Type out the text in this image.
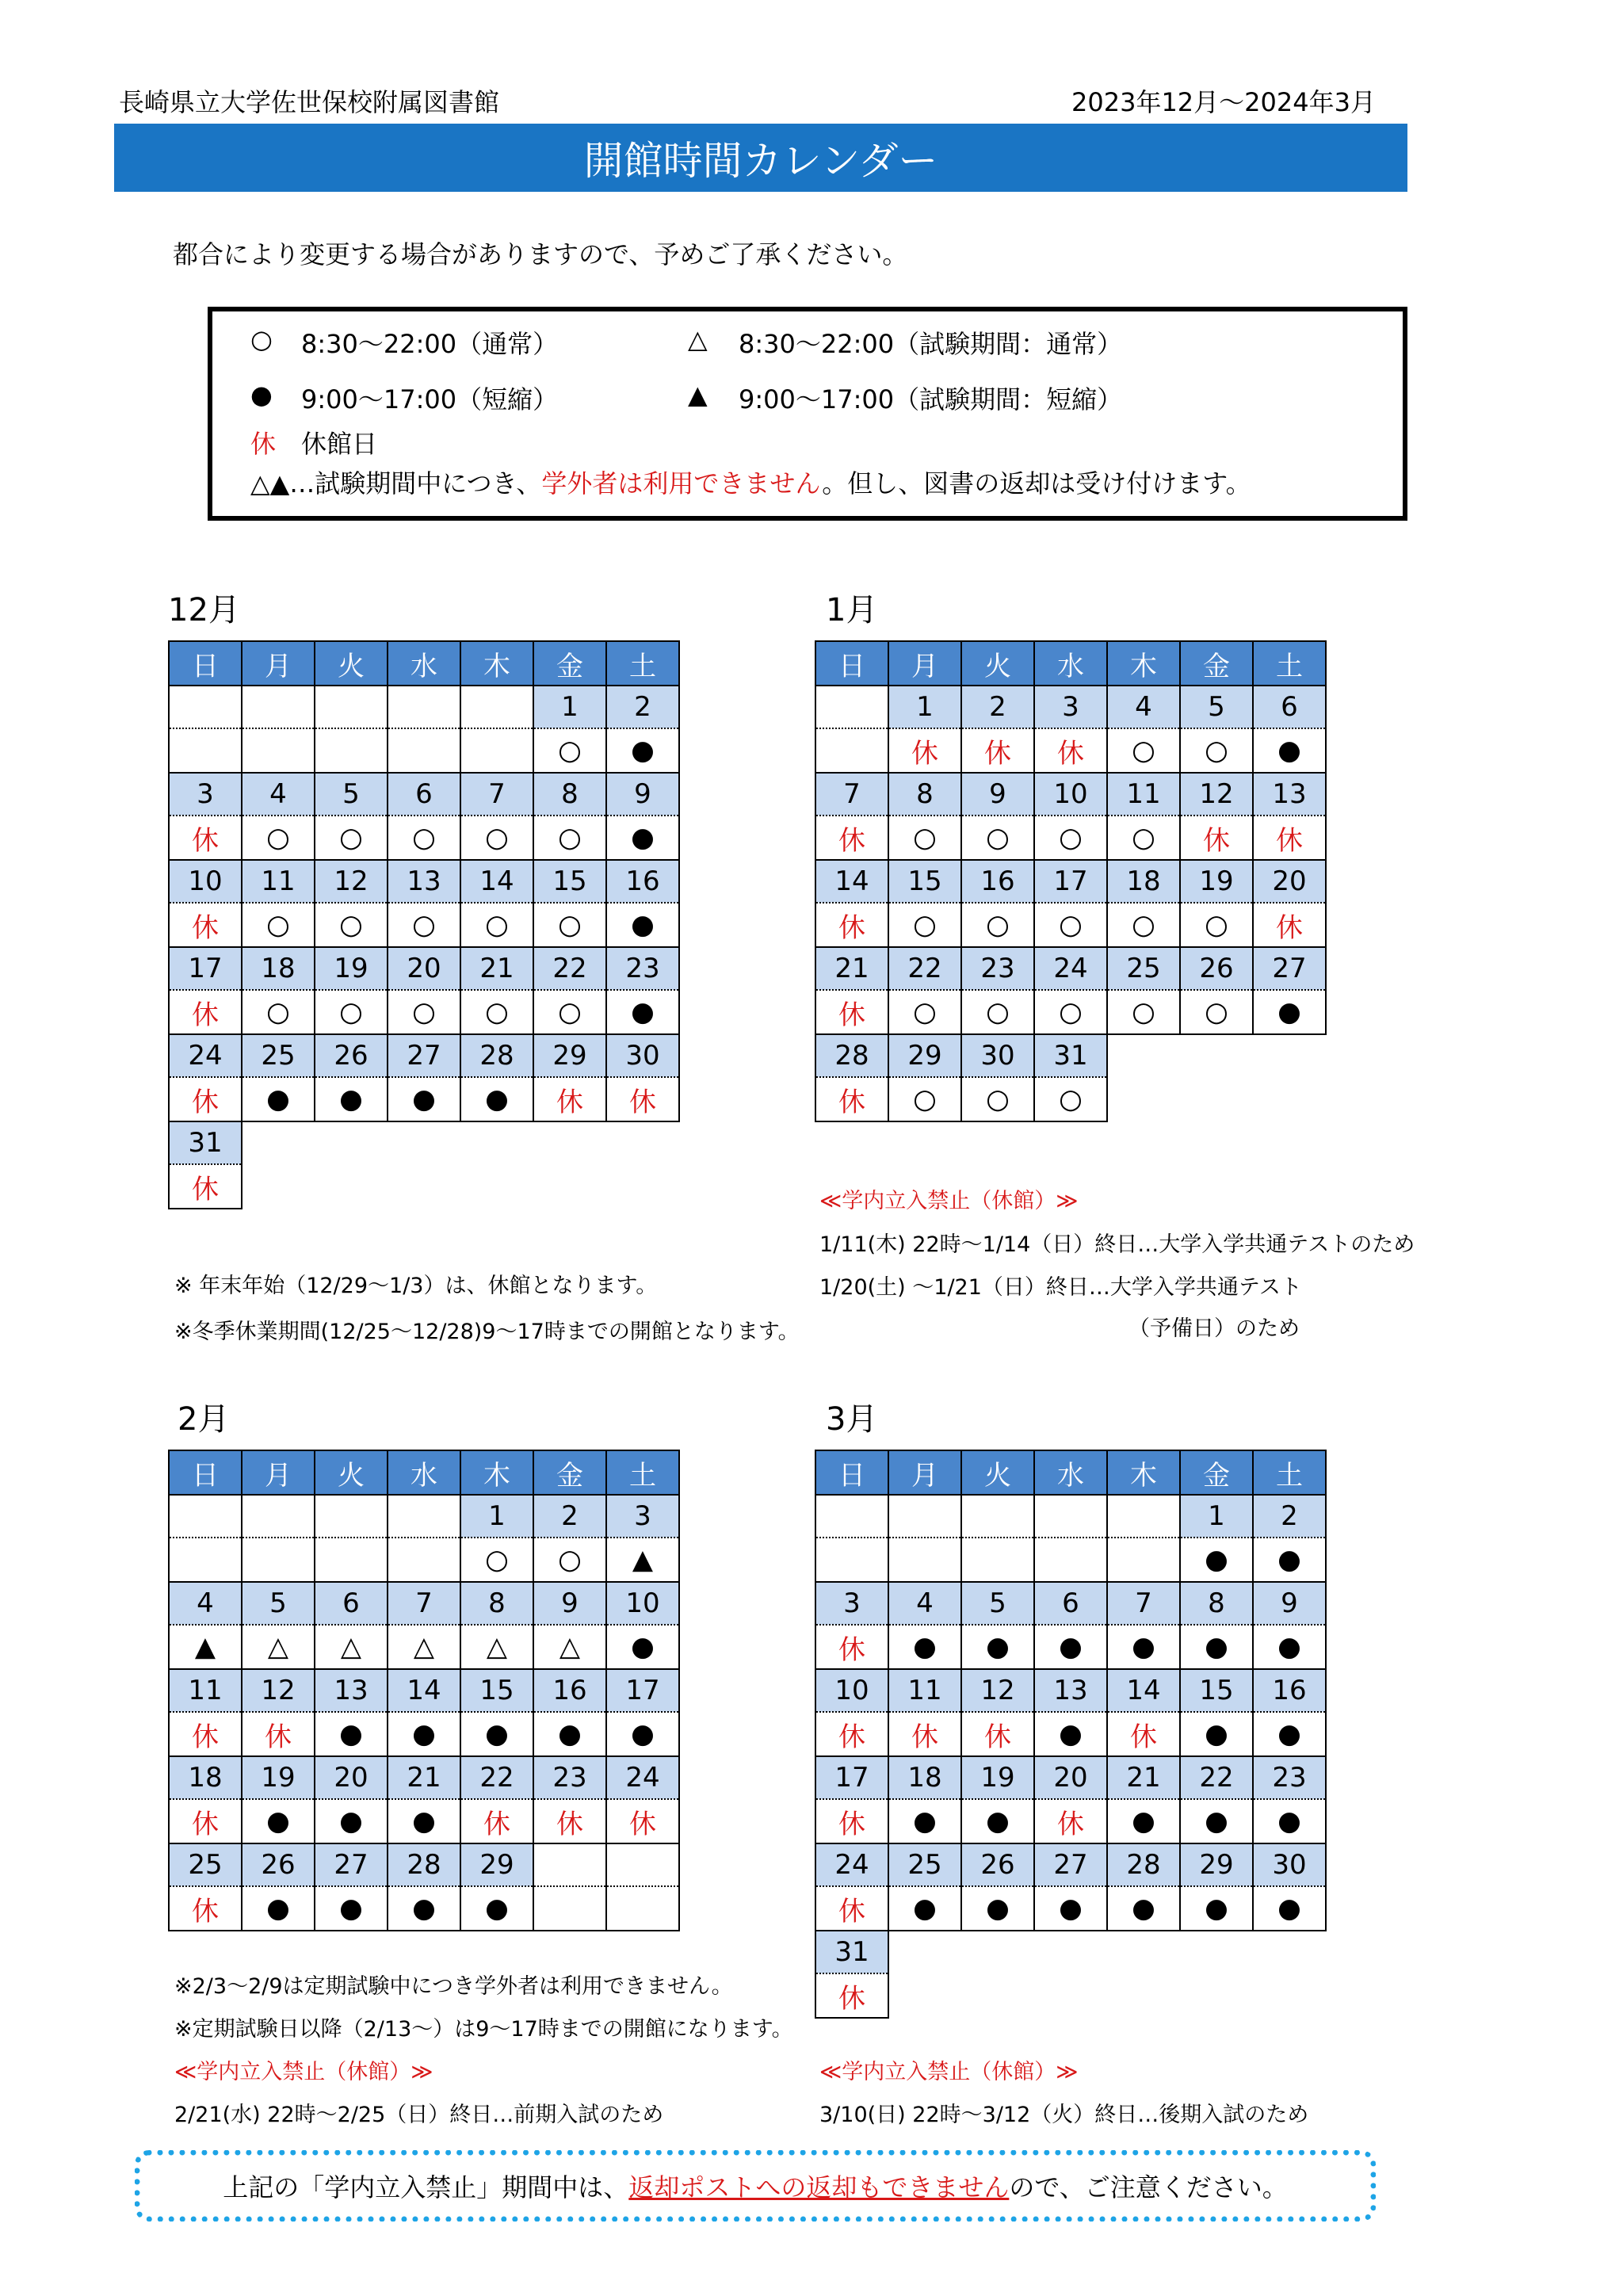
長崎県立大学佐世保校附属図書館	2023年12月～2024年3月
開館時間カレンダー
都合により変更する場合がありますので、予めご了承ください。
○ 8:30～22:00（通常）	△ 8:30～22:00（試験期間：通常）
● 9:00～17:00（短縮）	▲ 9:00～17:00（試験期間：短縮）
休 休館日
△▲…試験期間中につき、学外者は利用できません。但し、図書の返却は受け付けます。
12月	1月
2月	3月
日	月	火	水	木	金	土
					1	2
					○	●
3	4	5	6	7	8	9
休	○	○	○	○	○	●
10	11	12	13	14	15	16
休	○	○	○	○	○	●
17	18	19	20	21	22	23
休	○	○	○	○	○	●
24	25	26	27	28	29	30
休	●	●	●	●	休	休
31						
休						
日	月	火	水	木	金	土
	1	2	3	4	5	6
	休	休	休	○	○	●
7	8	9	10	11	12	13
休	○	○	○	○	休	休
14	15	16	17	18	19	20
休	○	○	○	○	○	休
21	22	23	24	25	26	27
休	○	○	○	○	○	●
28	29	30	31			
休	○	○	○			
日	月	火	水	木	金	土
				1	2	3
				○	○	▲
4	5	6	7	8	9	10
▲	△	△	△	△	△	●
11	12	13	14	15	16	17
休	休	●	●	●	●	●
18	19	20	21	22	23	24
休	●	●	●	休	休	休
25	26	27	28	29		
休	●	●	●	●		
日	月	火	水	木	金	土
					1	2
					●	●
3	4	5	6	7	8	9
休	●	●	●	●	●	●
10	11	12	13	14	15	16
休	休	休	●	休	●	●
17	18	19	20	21	22	23
休	●	●	休	●	●	●
24	25	26	27	28	29	30
休	●	●	●	●	●	●
31						
休						
※ 年末年始（12/29～1/3）は、休館となります。
※冬季休業期間(12/25～12/28)9～17時までの開館となります。
≪学内立入禁止（休館）≫
1/11(木) 22時～1/14（日）終日…大学入学共通テストのため
1/20(土) ～1/21（日）終日…大学入学共通テスト
（予備日）のため
※2/3～2/9は定期試験中につき学外者は利用できません。
※定期試験日以降（2/13～）は9～17時までの開館になります。
≪学内立入禁止（休館）≫
2/21(水) 22時～2/25（日）終日…前期入試のため
≪学内立入禁止（休館）≫
3/10(日) 22時～3/12（火）終日…後期入試のため
上記の「学内立入禁止」期間中は、 返却ポストへの返却もできません ので、ご注意ください。
